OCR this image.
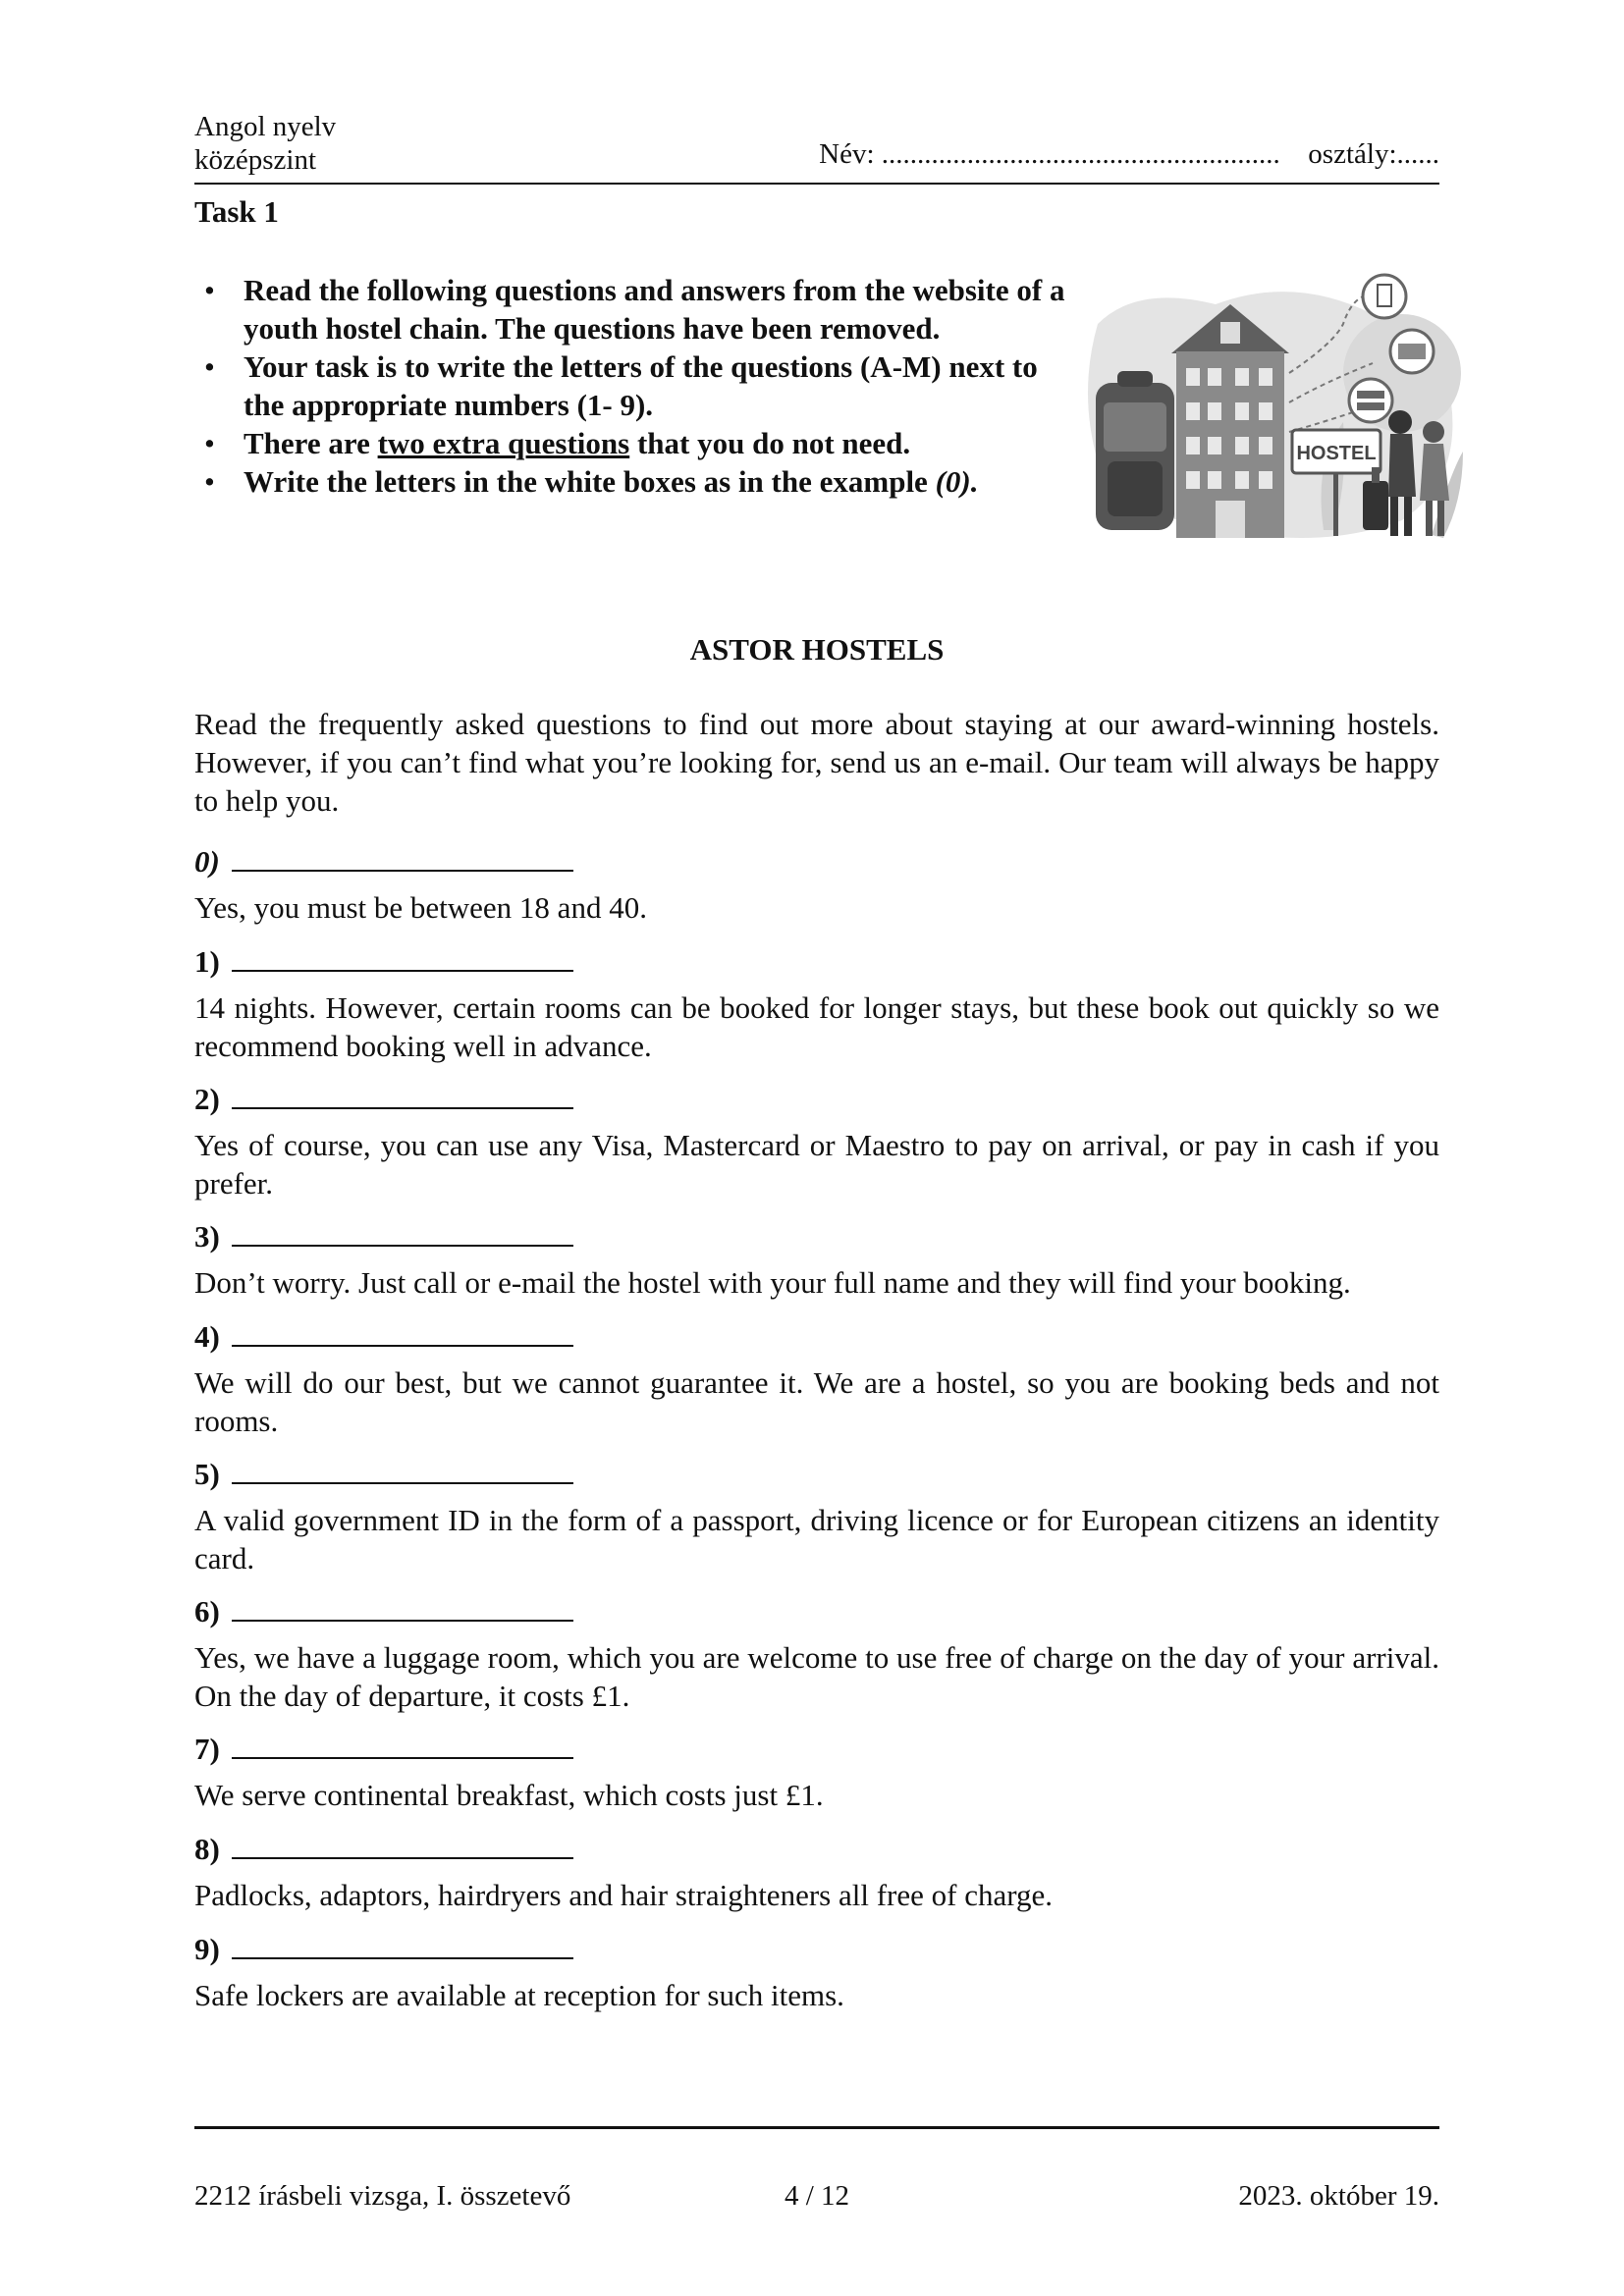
Angol nyelv
középszint	Név: ........................................................ osztály:......
Task 1
• Read the following questions and answers from the website of a youth hostel chain. The questions have been removed.
• Your task is to write the letters of the questions (A-M) next to the appropriate numbers (1- 9).
• There are two extra questions that you do not need.
• Write the letters in the white boxes as in the example (0).
HOSTEL
ASTOR HOSTELS

Read the frequently asked questions to find out more about staying at our award-winning hostels. However, if you can’t find what you’re looking for, send us an e-mail. Our team will always be happy to help you.

0)
Yes, you must be between 18 and 40.
1)
14 nights. However, certain rooms can be booked for longer stays, but these book out quickly so we recommend booking well in advance.
2)
Yes of course, you can use any Visa, Mastercard or Maestro to pay on arrival, or pay in cash if you prefer.
3)
Don’t worry. Just call or e-mail the hostel with your full name and they will find your booking.
4)
We will do our best, but we cannot guarantee it. We are a hostel, so you are booking beds and not rooms.
5)
A valid government ID in the form of a passport, driving licence or for European citizens an identity card.
6)
Yes, we have a luggage room, which you are welcome to use free of charge on the day of your arrival. On the day of departure, it costs £1.
7)
We serve continental breakfast, which costs just £1.
8)
Padlocks, adaptors, hairdryers and hair straighteners all free of charge.
9)
Safe lockers are available at reception for such items.
2212 írásbeli vizsga, I. összetevő	4 / 12	2023. október 19.
